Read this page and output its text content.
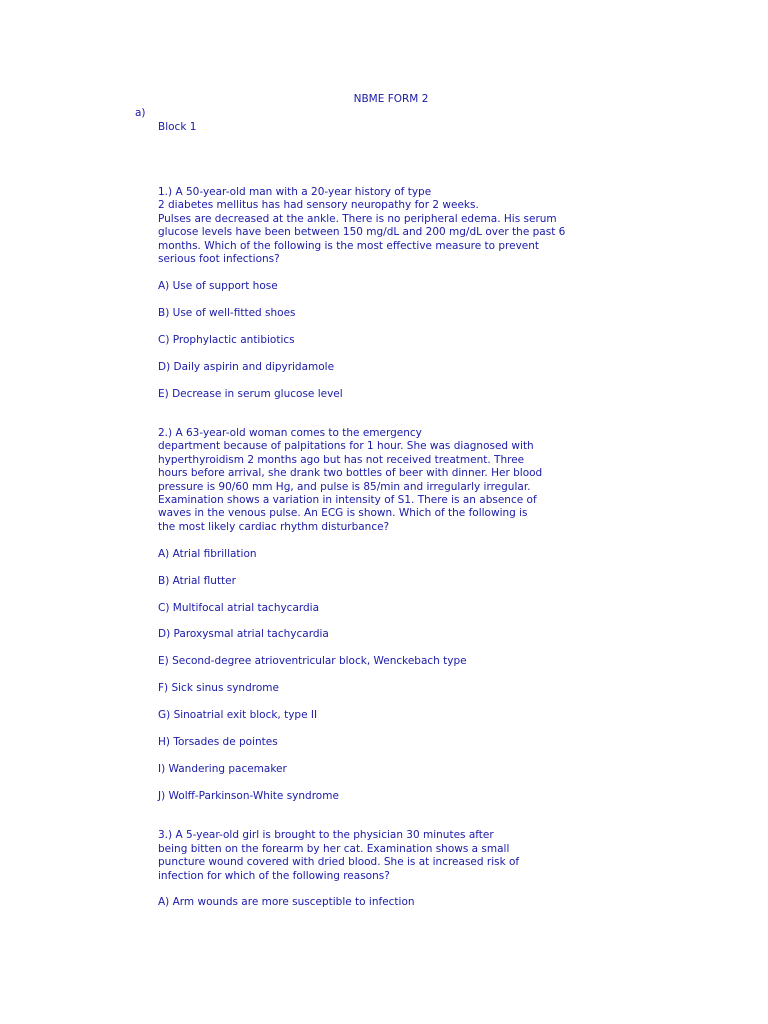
NBME FORM 2
a)
Block 1
1.) A 50-year-old man with a 20-year history of type
2 diabetes mellitus has had sensory neuropathy for 2 weeks.
Pulses are decreased at the ankle. There is no peripheral edema. His serum
glucose levels have been between 150 mg/dL and 200 mg/dL over the past 6
months. Which of the following is the most effective measure to prevent
serious foot infections?
A) Use of support hose
B) Use of well-fitted shoes
C) Prophylactic antibiotics
D) Daily aspirin and dipyridamole
E) Decrease in serum glucose level
2.) A 63-year-old woman comes to the emergency
department because of palpitations for 1 hour. She was diagnosed with
hyperthyroidism 2 months ago but has not received treatment. Three
hours before arrival, she drank two bottles of beer with dinner. Her blood
pressure is 90/60 mm Hg, and pulse is 85/min and irregularly irregular.
Examination shows a variation in intensity of S1. There is an absence of
waves in the venous pulse. An ECG is shown. Which of the following is
the most likely cardiac rhythm disturbance?
A) Atrial fibrillation
B) Atrial flutter
C) Multifocal atrial tachycardia
D) Paroxysmal atrial tachycardia
E) Second-degree atrioventricular block, Wenckebach type
F) Sick sinus syndrome
G) Sinoatrial exit block, type II
H) Torsades de pointes
I) Wandering pacemaker
J) Wolff-Parkinson-White syndrome
3.) A 5-year-old girl is brought to the physician 30 minutes after
being bitten on the forearm by her cat. Examination shows a small
puncture wound covered with dried blood. She is at increased risk of
infection for which of the following reasons?
A) Arm wounds are more susceptible to infection
